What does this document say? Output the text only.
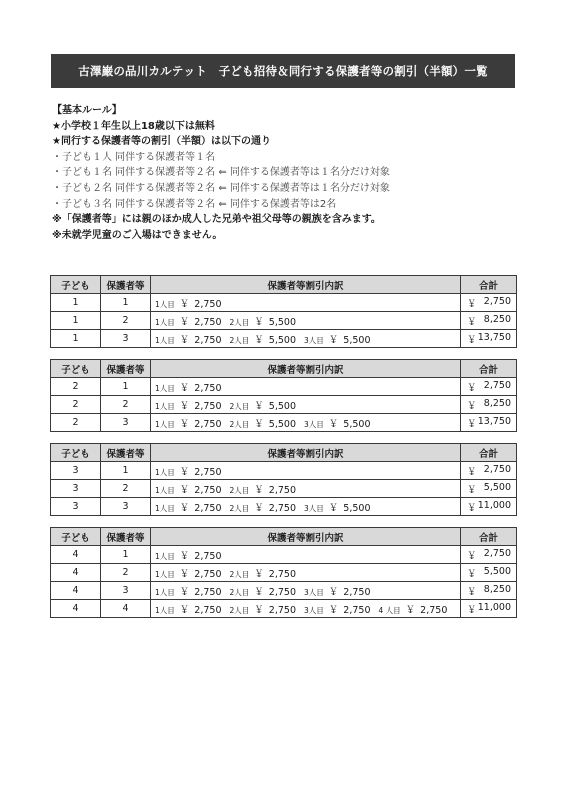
古澤巌の品川カルテット　子ども招待＆同行する保護者等の割引（半額）一覧
【基本ルール】
★小学校１年生以上18歳以下は無料
★同行する保護者等の割引（半額）は以下の通り
・子ども１人 同伴する保護者等１名
・子ども１名 同伴する保護者等２名 ⇐ 同伴する保護者等は１名分だけ対象
・子ども２名 同伴する保護者等２名 ⇐ 同伴する保護者等は１名分だけ対象
・子ども３名 同伴する保護者等２名 ⇐ 同伴する保護者等は2名
※「保護者等」には親のほか成人した兄弟や祖父母等の親族を含みます。
※未就学児童のご入場はできません。
子ども	保護者等	保護者等割引内訳	合計
1	1	1人目 ￥ 2,750	￥ 2,750

1	2	1人目 ￥ 2,750 2人目 ￥ 5,500	￥ 8,250

1	3	1人目 ￥ 2,750 2人目 ￥ 5,500 3人目 ￥ 5,500	￥ 13,750
子ども	保護者等	保護者等割引内訳	合計
2	1	1人目 ￥ 2,750	￥ 2,750

2	2	1人目 ￥ 2,750 2人目 ￥ 5,500	￥ 8,250

2	3	1人目 ￥ 2,750 2人目 ￥ 5,500 3人目 ￥ 5,500	￥ 13,750
子ども	保護者等	保護者等割引内訳	合計
3	1	1人目 ￥ 2,750	￥ 2,750

3	2	1人目 ￥ 2,750 2人目 ￥ 2,750	￥ 5,500

3	3	1人目 ￥ 2,750 2人目 ￥ 2,750 3人目 ￥ 5,500	￥ 11,000
子ども	保護者等	保護者等割引内訳	合計
4	1	1人目 ￥ 2,750	￥ 2,750

4	2	1人目 ￥ 2,750 2人目 ￥ 2,750	￥ 5,500

4	3	1人目 ￥ 2,750 2人目 ￥ 2,750 3人目 ￥ 2,750	￥ 8,250

4	4	1人目 ￥ 2,750 2人目 ￥ 2,750 3人目 ￥ 2,750 4 人目 ￥ 2,750	￥ 11,000
